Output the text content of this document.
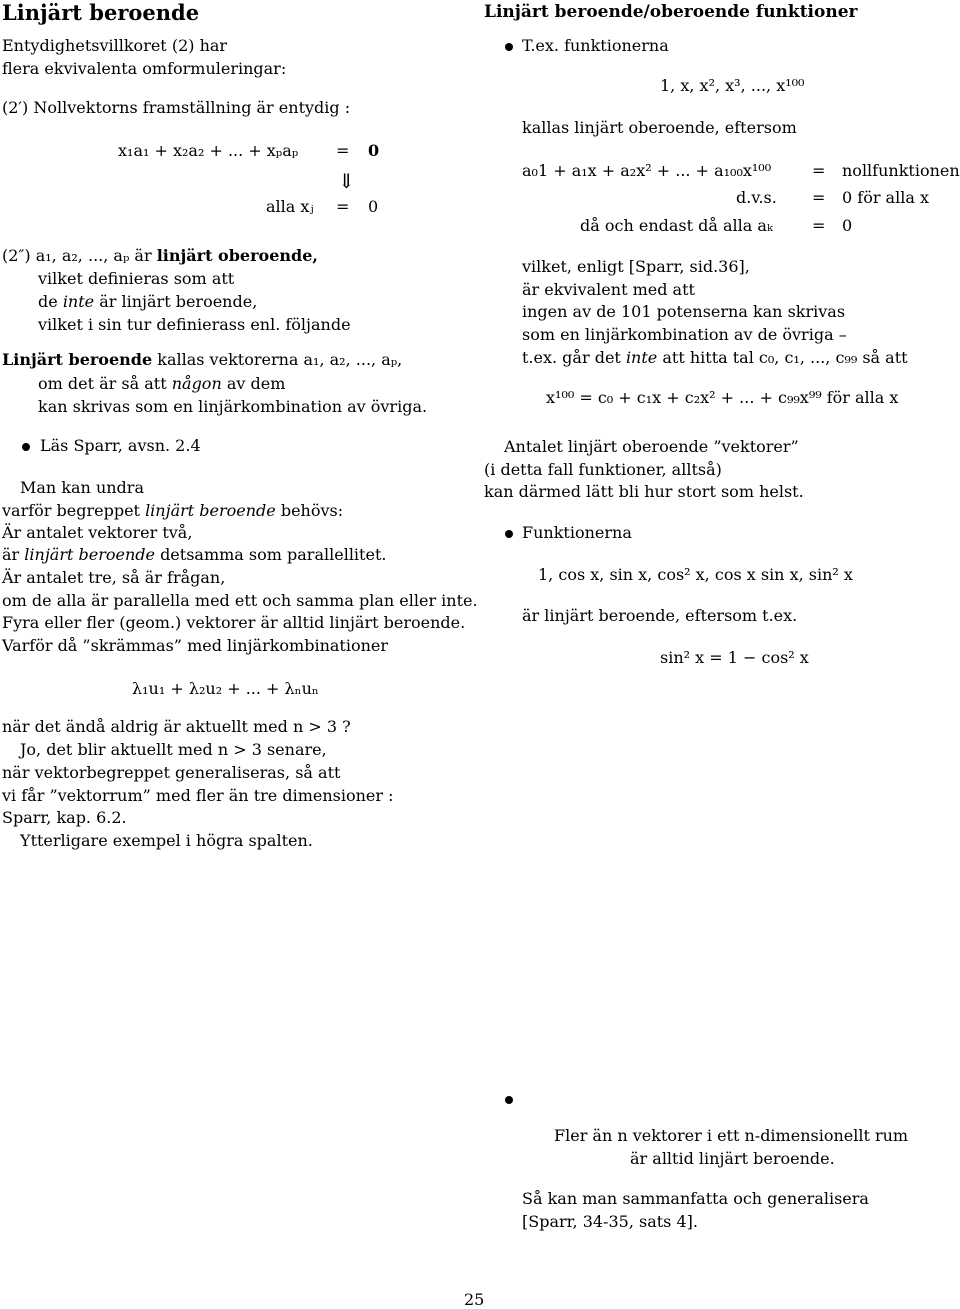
Linjärt beroende
Entydighetsvillkoret (2) har
flera ekvivalenta omformuleringar:
(2′) Nollvektorns framställning är entydig :
x₁a₁ + x₂a₂ + ... + xₚaₚ = 0
⇓
alla xⱼ = 0
(2″) a₁, a₂, ..., aₚ är linjärt oberoende,
vilket definieras som att
de inte är linjärt beroende,
vilket i sin tur definierass enl. följande
Linjärt beroende kallas vektorerna a₁, a₂, ..., aₚ,
om det är så att någon av dem
kan skrivas som en linjärkombination av övriga.
Läs Sparr, avsn. 2.4
Man kan undra
varför begreppet linjärt beroende behövs:
Är antalet vektorer två,
är linjärt beroende detsamma som parallellitet.
Är antalet tre, så är frågan,
om de alla är parallella med ett och samma plan eller inte.
Fyra eller fler (geom.) vektorer är alltid linjärt beroende.
Varför då ”skrämmas” med linjärkombinationer
λ₁u₁ + λ₂u₂ + ... + λₙuₙ
när det ändå aldrig är aktuellt med n > 3 ?
Jo, det blir aktuellt med n > 3 senare,
när vektorbegreppet generaliseras, så att
vi får ”vektorrum” med fler än tre dimensioner :
Sparr, kap. 6.2.
Ytterligare exempel i högra spalten.
Linjärt beroende/oberoende funktioner
T.ex. funktionerna
1, x, x², x³, ..., x¹⁰⁰
kallas linjärt oberoende, eftersom
a₀1 + a₁x + a₂x² + ... + a₁₀₀x¹⁰⁰	= nollfunktionen
d.v.s. = 0 för alla x
då och endast då alla aₖ = 0
vilket, enligt [Sparr, sid.36],
är ekvivalent med att
ingen av de 101 potenserna kan skrivas
som en linjärkombination av de övriga –
t.ex. går det inte att hitta tal c₀, c₁, ..., c₉₉ så att
x¹⁰⁰ = c₀ + c₁x + c₂x² + ... + c₉₉x⁹⁹ för alla x
Antalet linjärt oberoende ”vektorer”
(i detta fall funktioner, alltså)
kan därmed lätt bli hur stort som helst.
Funktionerna
1, cos x, sin x, cos² x, cos x sin x, sin² x
är linjärt beroende, eftersom t.ex.
sin² x = 1 − cos² x
Fler än n vektorer i ett n-dimensionellt rum
är alltid linjärt beroende.
Så kan man sammanfatta och generalisera
[Sparr, 34-35, sats 4].
25
